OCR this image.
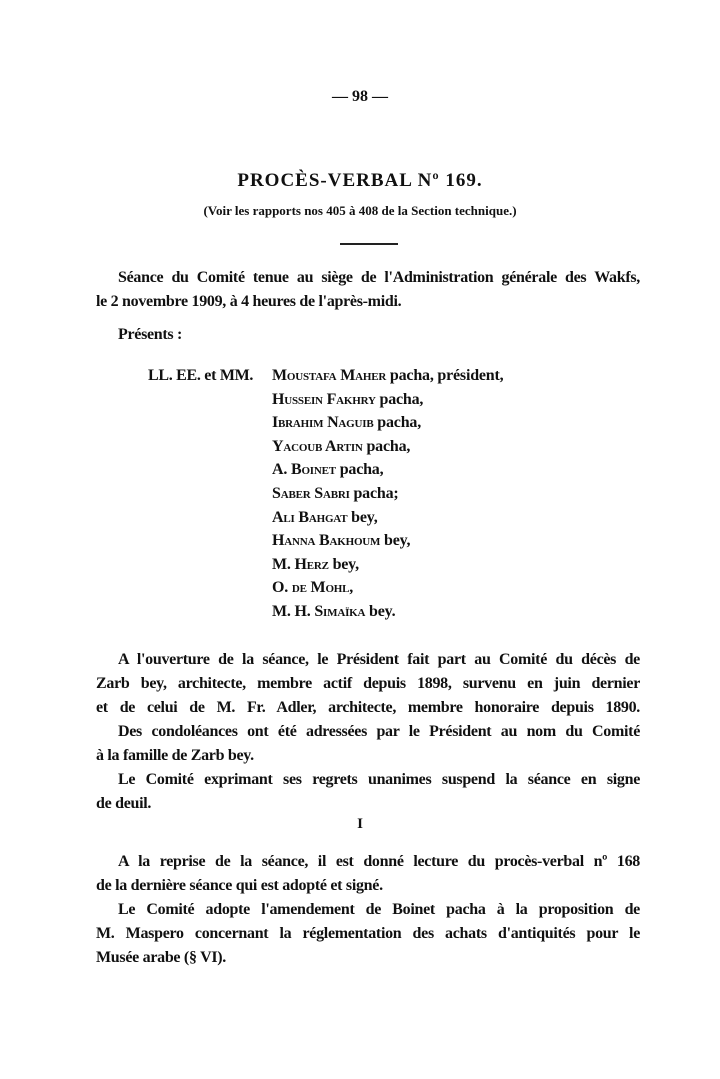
— 98 —
PROCÈS-VERBAL Nº 169.
(Voir les rapports nos 405 à 408 de la Section technique.)
Séance du Comité tenue au siège de l'Administration générale des Wakfs,
le 2 novembre 1909, à 4 heures de l'après-midi.
Présents :
LL. EE. et MM.	Moustafa Maher pacha, président,
Hussein Fakhry pacha,
Ibrahim Naguib pacha,
Yacoub Artin pacha,
A. Boinet pacha,
Saber Sabri pacha;
Ali Bahgat bey,
Hanna Bakhoum bey,
M. Herz bey,
O. de Mohl,
M. H. Simaïka bey.
A l'ouverture de la séance, le Président fait part au Comité du décès de
Zarb bey, architecte, membre actif depuis 1898, survenu en juin dernier
et de celui de M. Fr. Adler, architecte, membre honoraire depuis 1890.
Des condoléances ont été adressées par le Président au nom du Comité
à la famille de Zarb bey.
Le Comité exprimant ses regrets unanimes suspend la séance en signe
de deuil.
I
A la reprise de la séance, il est donné lecture du procès-verbal nº 168
de la dernière séance qui est adopté et signé.
Le Comité adopte l'amendement de Boinet pacha à la proposition de
M. Maspero concernant la réglementation des achats d'antiquités pour le
Musée arabe (§ VI).
